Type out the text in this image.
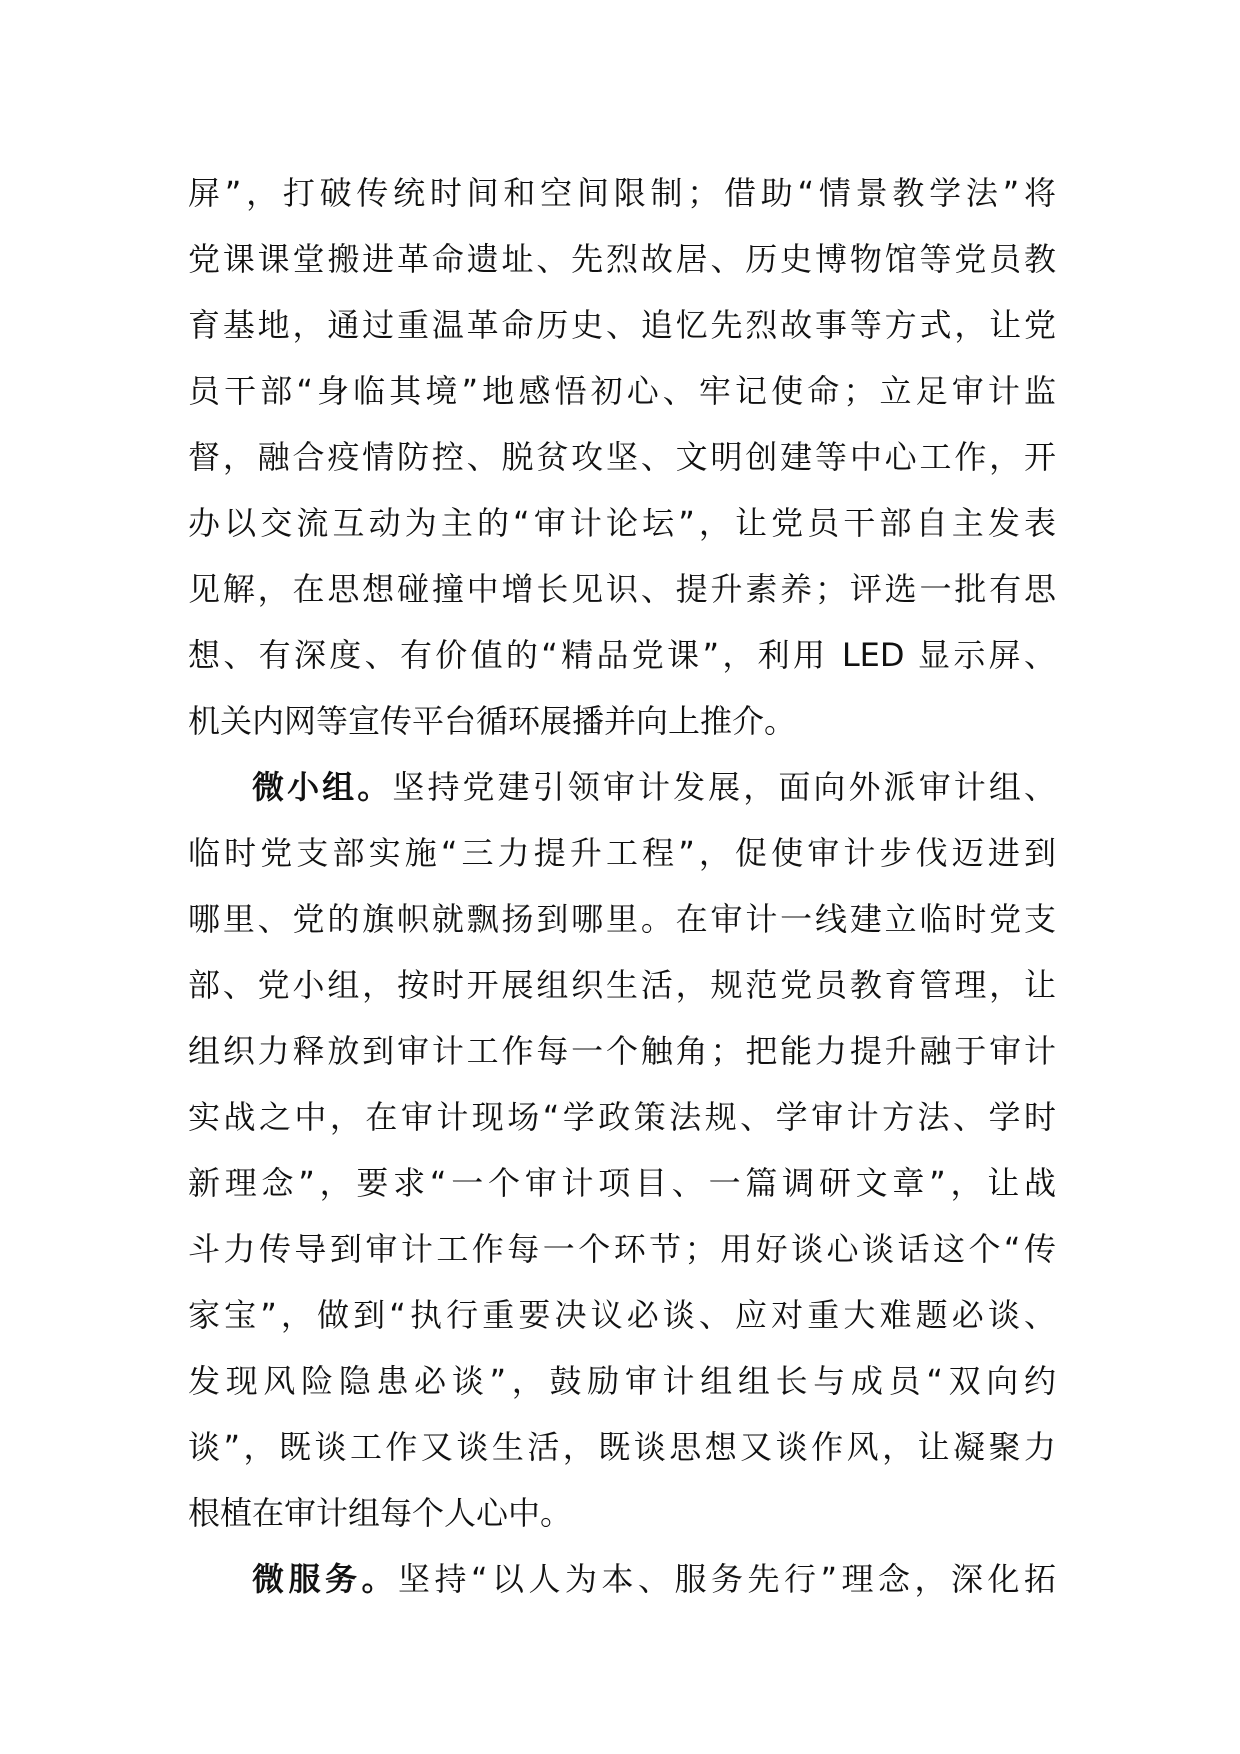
屏”，打破传统时间和空间限制；借助“情景教学法”将
党课课堂搬进革命遗址、先烈故居、历史博物馆等党员教
育基地，通过重温革命历史、追忆先烈故事等方式，让党
员干部“身临其境”地感悟初心、牢记使命；立足审计监
督，融合疫情防控、脱贫攻坚、文明创建等中心工作，开
办以交流互动为主的“审计论坛”，让党员干部自主发表
见解，在思想碰撞中增长见识、提升素养；评选一批有思
想、有深度、有价值的“精品党课”，利用 LED 显示屏、
机关内网等宣传平台循环展播并向上推介。
微小组。坚持党建引领审计发展，面向外派审计组、
临时党支部实施“三力提升工程”，促使审计步伐迈进到
哪里、党的旗帜就飘扬到哪里。在审计一线建立临时党支
部、党小组，按时开展组织生活，规范党员教育管理，让
组织力释放到审计工作每一个触角；把能力提升融于审计
实战之中，在审计现场“学政策法规、学审计方法、学时
新理念”，要求“一个审计项目、一篇调研文章”，让战
斗力传导到审计工作每一个环节；用好谈心谈话这个“传
家宝”，做到“执行重要决议必谈、应对重大难题必谈、
发现风险隐患必谈”，鼓励审计组组长与成员“双向约
谈”，既谈工作又谈生活，既谈思想又谈作风，让凝聚力
根植在审计组每个人心中。
微服务。坚持“以人为本、服务先行”理念，深化拓
